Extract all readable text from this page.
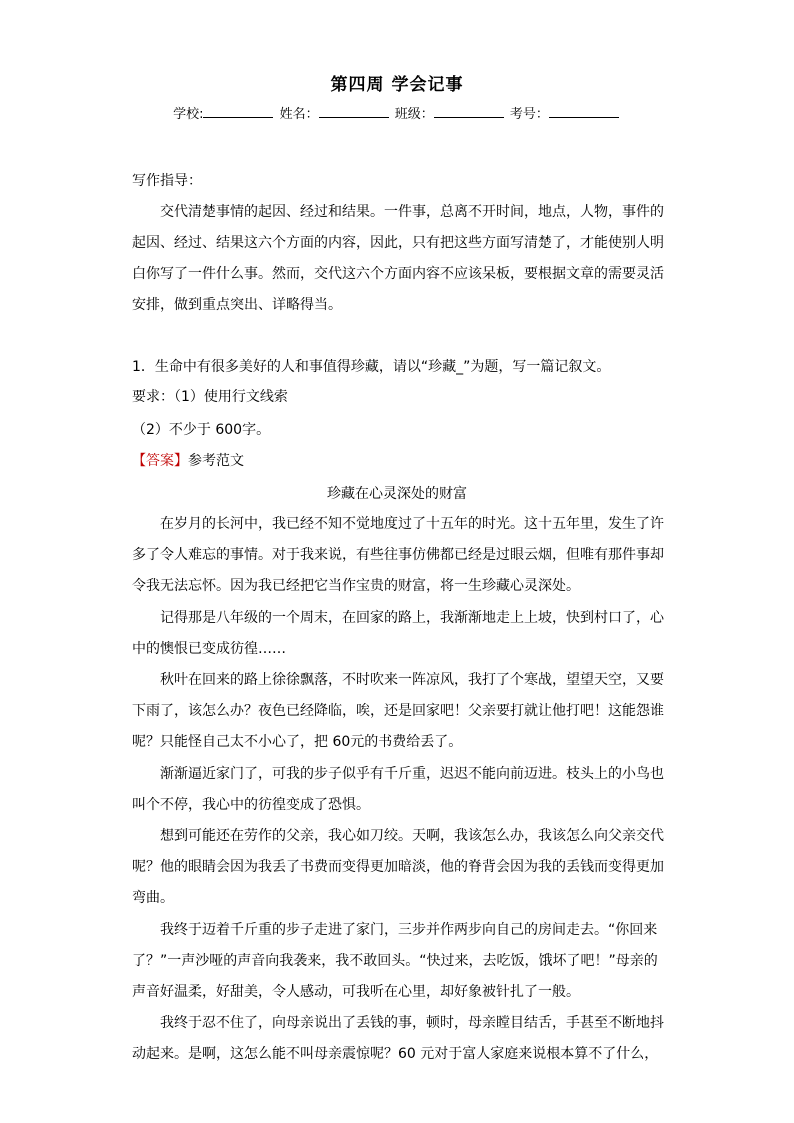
第四周 学会记事
学校:	姓名：	班级：	考号：
写作指导：
交代清楚事情的起因、经过和结果。一件事，总离不开时间，地点，人物，事件的
起因、经过、结果这六个方面的内容，因此，只有把这些方面写清楚了，才能使别人明
白你写了一件什么事。然而，交代这六个方面内容不应该呆板，要根据文章的需要灵活
安排，做到重点突出、详略得当。
1．生命中有很多美好的人和事值得珍藏，请以“珍藏_”为题，写一篇记叙文。
要求：（1）使用行文线索
（2）不少于 600字。
【答案】参考范文
珍藏在心灵深处的财富
在岁月的长河中，我已经不知不觉地度过了十五年的时光。这十五年里，发生了许
多了令人难忘的事情。对于我来说，有些往事仿佛都已经是过眼云烟，但唯有那件事却
令我无法忘怀。因为我已经把它当作宝贵的财富，将一生珍藏心灵深处。
记得那是八年级的一个周末，在回家的路上，我渐渐地走上上坡，快到村口了，心
中的懊恨已变成彷徨……
秋叶在回来的路上徐徐飘落，不时吹来一阵凉风，我打了个寒战，望望天空，又要
下雨了，该怎么办？夜色已经降临，唉，还是回家吧！父亲要打就让他打吧！这能怨谁
呢？只能怪自己太不小心了，把 60元的书费给丢了。
渐渐逼近家门了，可我的步子似乎有千斤重，迟迟不能向前迈进。枝头上的小鸟也
叫个不停，我心中的彷徨变成了恐惧。
想到可能还在劳作的父亲，我心如刀绞。天啊，我该怎么办，我该怎么向父亲交代
呢？他的眼睛会因为我丢了书费而变得更加暗淡，他的脊背会因为我的丢钱而变得更加
弯曲。
我终于迈着千斤重的步子走进了家门，三步并作两步向自己的房间走去。“你回来
了？”一声沙哑的声音向我袭来，我不敢回头。“快过来，去吃饭，饿坏了吧！”母亲的
声音好温柔，好甜美，令人感动，可我听在心里，却好象被针扎了一般。
我终于忍不住了，向母亲说出了丢钱的事，顿时，母亲瞠目结舌，手甚至不断地抖
动起来。是啊，这怎么能不叫母亲震惊呢？60 元对于富人家庭来说根本算不了什么，
